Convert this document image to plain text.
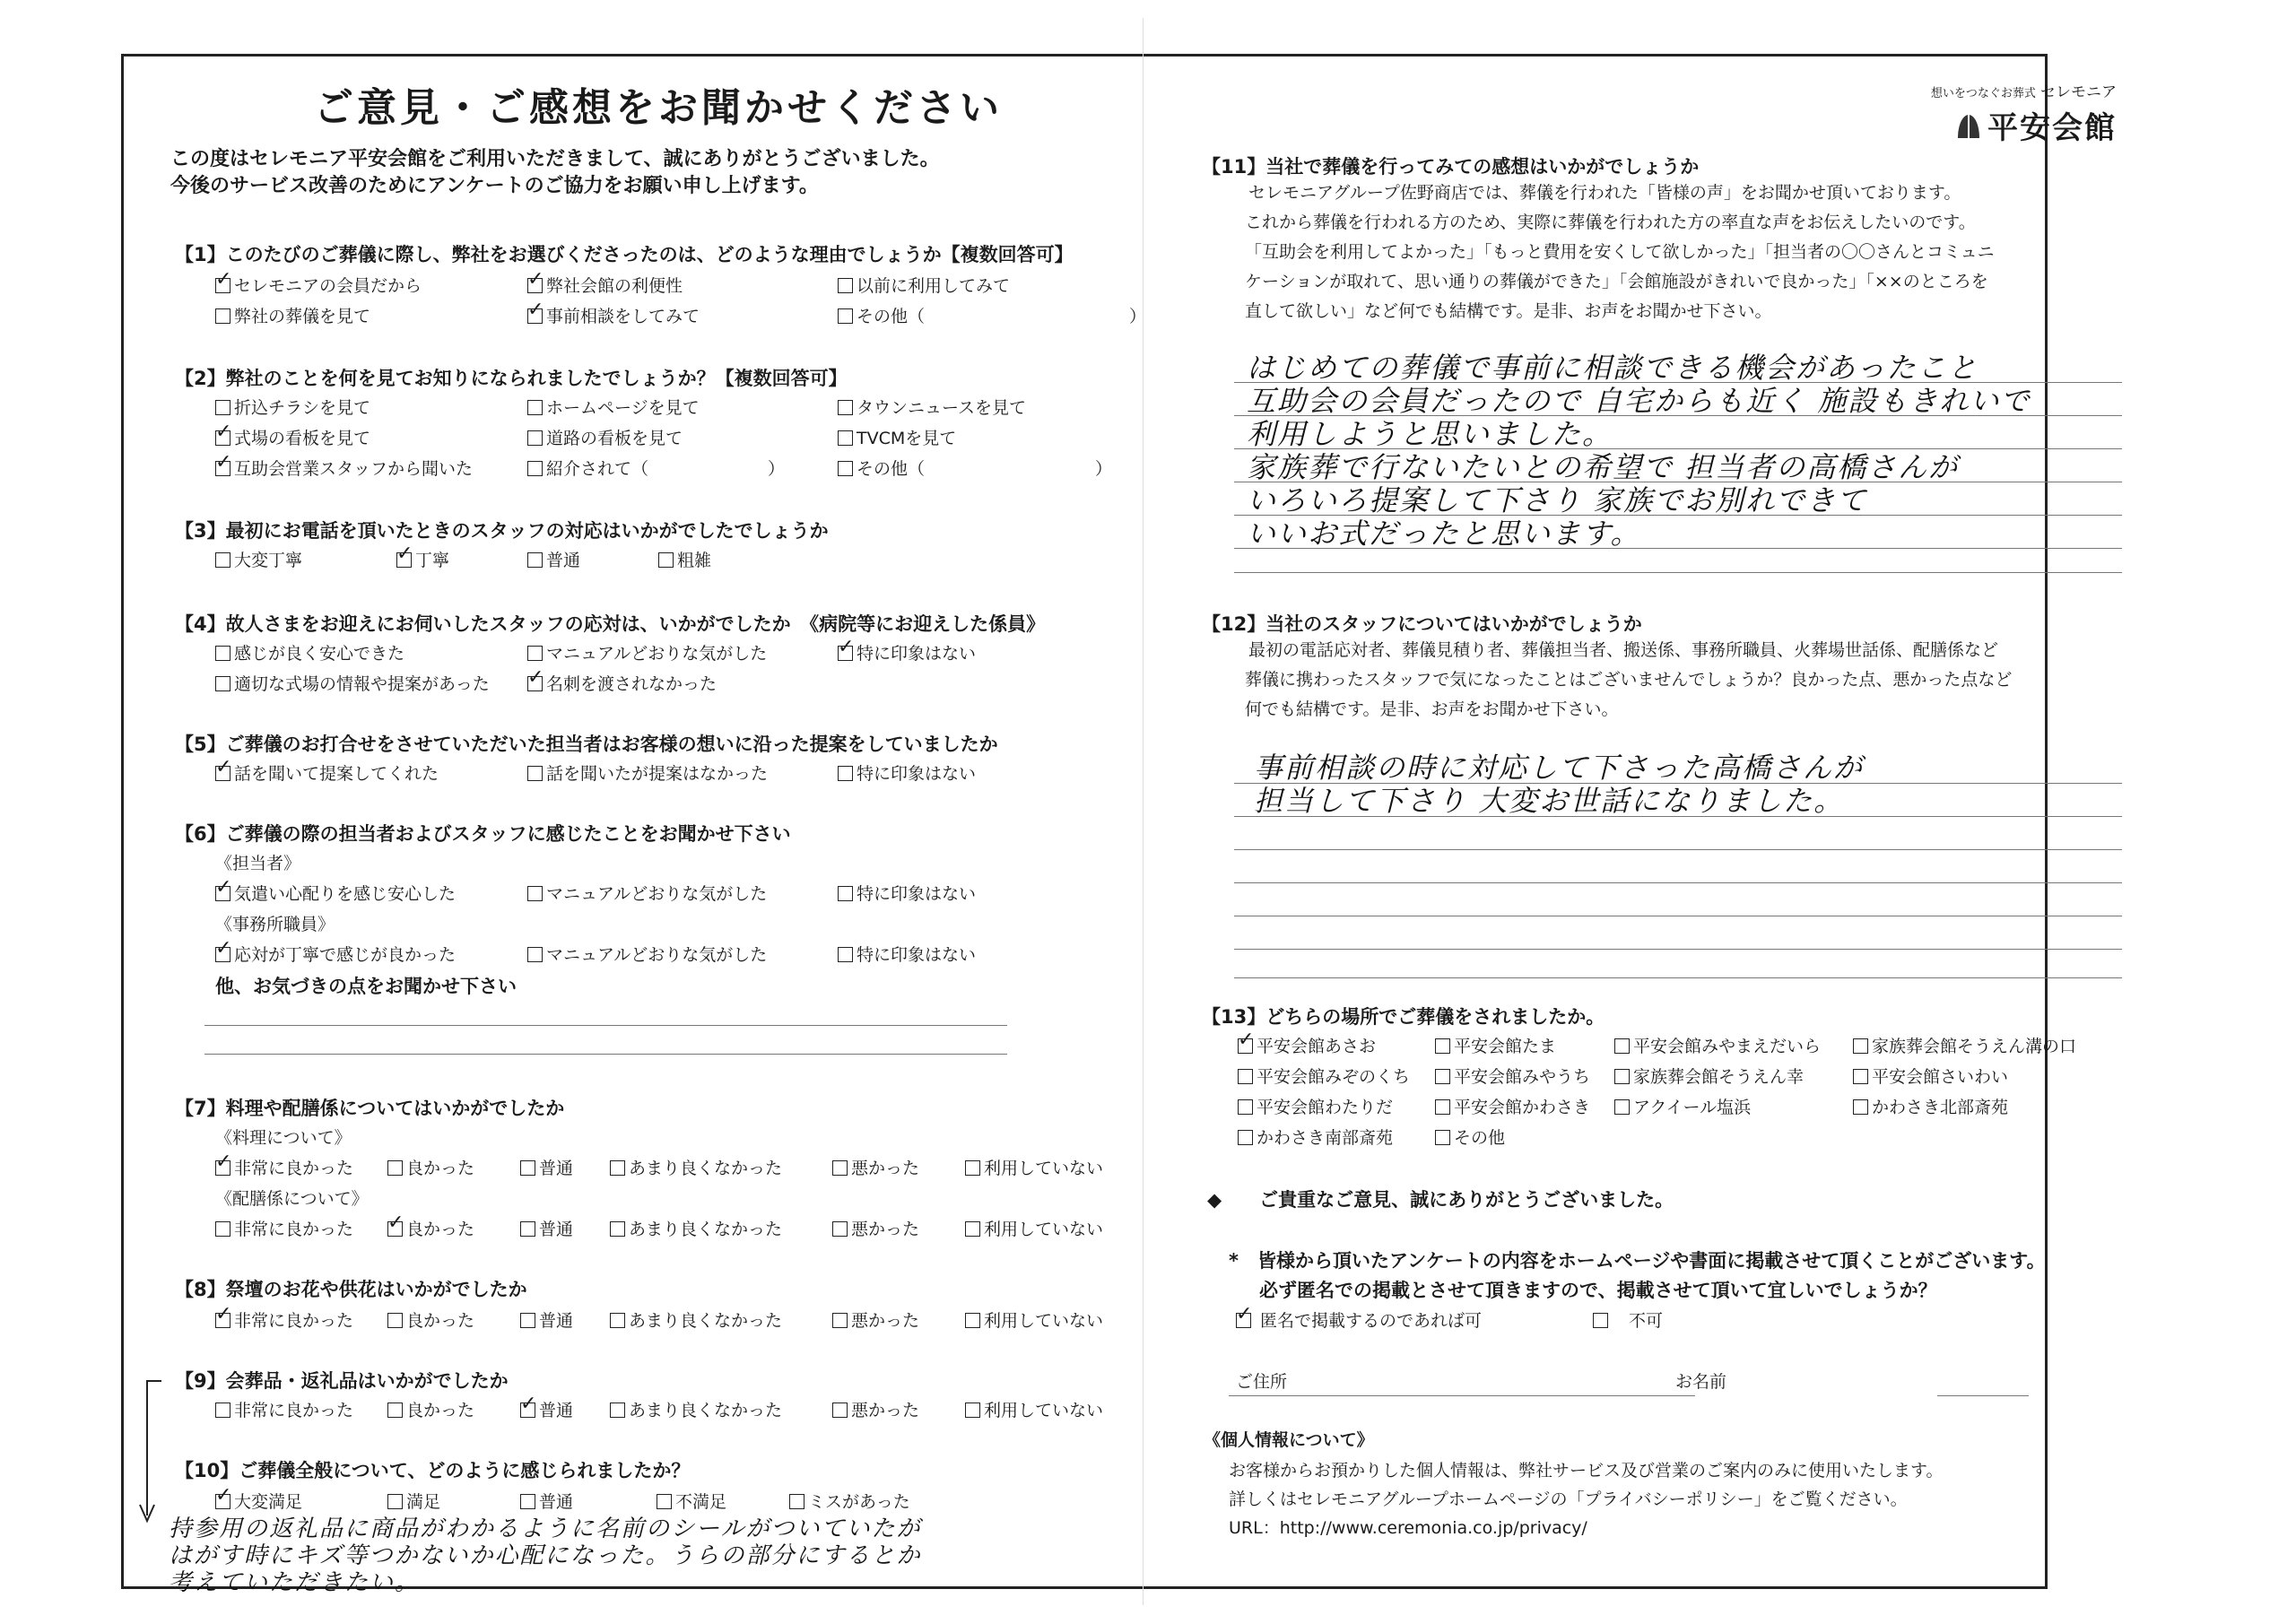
ご意見・ご感想をお聞かせください
この度はセレモニア平安会館をご利用いただきまして、誠にありがとうございました。
今後のサービス改善のためにアンケートのご協力をお願い申し上げます。
想いをつなぐお葬式 セレモニア
平安会館
【1】このたびのご葬儀に際し、弊社をお選びくださったのは、どのような理由でしょうか【複数回答可】
✓セレモニアの会員だから ✓	弊社会館の利便性	以前に利用してみて
弊社の葬儀を見て ✓	事前相談をしてみて	その他（　　　　　　　　　　　　）
【2】弊社のことを何を見てお知りになられましたでしょうか？【複数回答可】
折込チラシを見て	ホームページを見て	タウンニュースを見て
✓式場の看板を見て	道路の看板を見て	TVCMを見て
✓互助会営業スタッフから聞いた	紹介されて（　　　　　　　）	その他（　　　　　　　　　　）
【3】最初にお電話を頂いたときのスタッフの対応はいかがでしたでしょうか
大変丁寧 ✓	丁寧	普通	粗雑
【4】故人さまをお迎えにお伺いしたスタッフの応対は、いかがでしたか　《病院等にお迎えした係員》
感じが良く安心できた	マニュアルどおりな気がした ✓	特に印象はない
適切な式場の情報や提案があった ✓	名刺を渡されなかった
【5】ご葬儀のお打合せをさせていただいた担当者はお客様の想いに沿った提案をしていましたか
✓話を聞いて提案してくれた	話を聞いたが提案はなかった	特に印象はない
【6】ご葬儀の際の担当者およびスタッフに感じたことをお聞かせ下さい
《担当者》
✓気遣い心配りを感じ安心した	マニュアルどおりな気がした	特に印象はない
《事務所職員》
✓応対が丁寧で感じが良かった	マニュアルどおりな気がした	特に印象はない
他、お気づきの点をお聞かせ下さい
【7】料理や配膳係についてはいかがでしたか
《料理について》
✓非常に良かった	良かった	普通	あまり良くなかった	悪かった	利用していない
《配膳係について》
非常に良かった ✓	良かった	普通	あまり良くなかった	悪かった	利用していない
【8】祭壇のお花や供花はいかがでしたか
✓非常に良かった	良かった	普通	あまり良くなかった	悪かった	利用していない
【9】会葬品・返礼品はいかがでしたか
非常に良かった	良かった ✓	普通	あまり良くなかった	悪かった	利用していない
【10】ご葬儀全般について、どのように感じられましたか？
✓大変満足	満足	普通	不満足	ミスがあった
持参用の返礼品に商品がわかるように名前のシールがついていたが
はがす時にキズ等つかないか心配になった。うらの部分にするとか
考えていただきたい。
【11】当社で葬儀を行ってみての感想はいかがでしょうか
セレモニアグループ佐野商店では、葬儀を行われた「皆様の声」をお聞かせ頂いております。
これから葬儀を行われる方のため、実際に葬儀を行われた方の率直な声をお伝えしたいのです。
「互助会を利用してよかった」「もっと費用を安くして欲しかった」「担当者の〇〇さんとコミュニ
ケーションが取れて、思い通りの葬儀ができた」「会館施設がきれいで良かった」「××のところを
直して欲しい」など何でも結構です。是非、お声をお聞かせ下さい。
はじめての葬儀で事前に相談できる機会があったこと
互助会の会員だったので 自宅からも近く 施設もきれいで
利用しようと思いました。
家族葬で行ないたいとの希望で 担当者の高橋さんが
いろいろ提案して下さり 家族でお別れできて
いいお式だったと思います。
【12】当社のスタッフについてはいかがでしょうか
最初の電話応対者、葬儀見積り者、葬儀担当者、搬送係、事務所職員、火葬場世話係、配膳係など
葬儀に携わったスタッフで気になったことはございませんでしょうか？良かった点、悪かった点など
何でも結構です。是非、お声をお聞かせ下さい。
事前相談の時に対応して下さった高橋さんが
担当して下さり 大変お世話になりました。
【13】どちらの場所でご葬儀をされましたか。
✓平安会館あさお	平安会館たま	平安会館みやまえだいら	家族葬会館そうえん溝の口
平安会館みぞのくち	平安会館みやうち	家族葬会館そうえん幸	平安会館さいわい
平安会館わたりだ	平安会館かわさき	アクイール塩浜	かわさき北部斎苑
かわさき南部斎苑	その他
◆　　 ご貴重なご意見、誠にありがとうございました。
*　皆様から頂いたアンケートの内容をホームページや書面に掲載させて頂くことがございます。
必ず匿名での掲載とさせて頂きますので、掲載させて頂いて宜しいでしょうか？
✓ 匿名で掲載するのであれば可
　	不可
ご住所	お名前
《個人情報について》
お客様からお預かりした個人情報は、弊社サービス及び営業のご案内のみに使用いたします。
詳しくはセレモニアグループホームページの「プライバシーポリシー」をご覧ください。
URL：http://www.ceremonia.co.jp/privacy/
